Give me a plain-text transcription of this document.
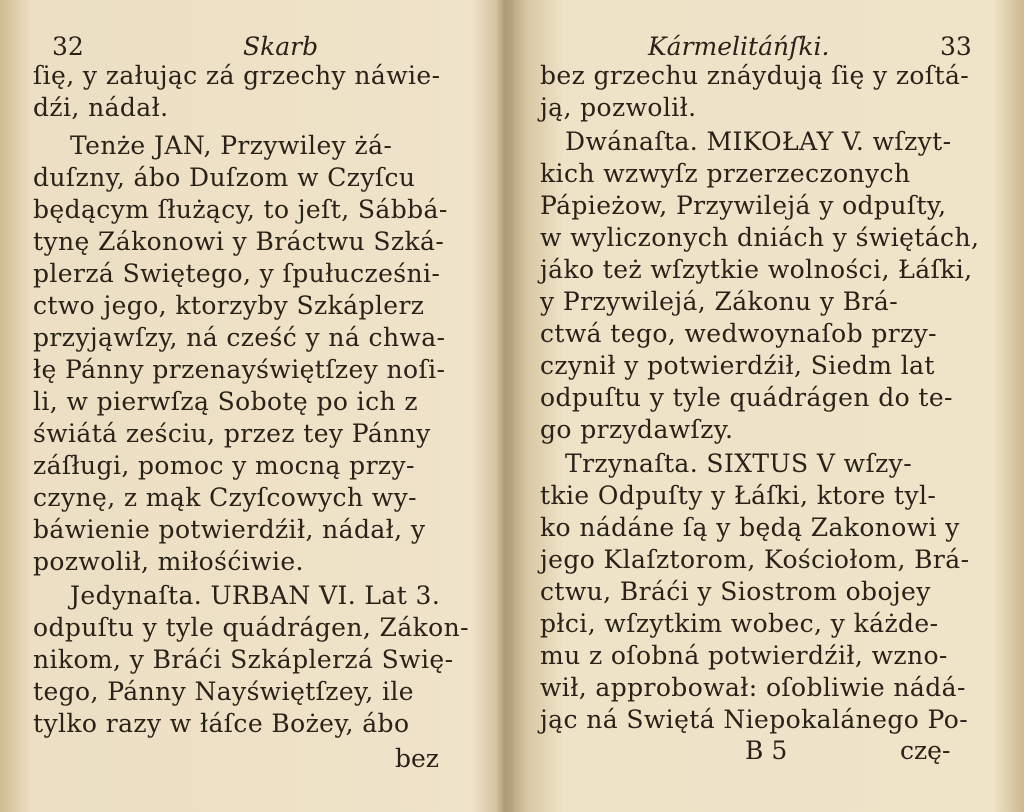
32	Skarb
ſię, y załując zá grzechy náwie-
dźi, nádał.
Tenże JAN, Przywiley żá-
duſzny, ábo Duſzom w Czyſcu
będącym ſłużący, to jeſt, Sábbá-
tynę Zákonowi y Bráctwu Szká-
plerzá Swiętego, y ſpułucześni-
ctwo jego, ktorzyby Szkáplerz
przyjąwſzy, ná cześć y ná chwa-
łę Pánny przenayświętſzey noſi-
li, w pierwſzą Sobotę po ich z
świátá ześciu, przez tey Pánny
záſługi, pomoc y mocną przy-
czynę, z mąk Czyſcowych wy-
báwienie potwierdźił, nádał, y
pozwolił, miłośćiwie.
Jedynaſta. URBAN VI. Lat 3.
odpuſtu y tyle quádrágen, Zákon-
nikom, y Bráći Szkáplerzá Swię-
tego, Pánny Nayświętſzey, ile
tylko razy w łáſce Bożey, ábo
bez
Kármelitáńſki.	33
bez grzechu znáydują ſię y zoſtá-
ją, pozwolił.
Dwánaſta. MIKOŁAY V. wſzyt-
kich wzwyſz przerzeczonych
Pápieżow, Przywilejá y odpuſty,
w wyliczonych dniách y świętách,
jáko też wſzytkie wolności, Łáſki,
y Przywilejá, Zákonu y Brá-
ctwá tego, wedwoynaſob przy-
czynił y potwierdźił, Siedm lat
odpuſtu y tyle quádrágen do te-
go przydawſzy.
Trzynaſta. SIXTUS V wſzy-
tkie Odpuſty y Łáſki, ktore tyl-
ko nádáne ſą y będą Zakonowi y
jego Klaſztorom, Kościołom, Brá-
ctwu, Bráći y Siostrom obojey
płci, wſzytkim wobec, y káżde-
mu z oſobná potwierdźił, wzno-
wił, approbował: oſobliwie nádá-
jąc ná Swiętá Niepokalánego Po-
B 5	czę-
